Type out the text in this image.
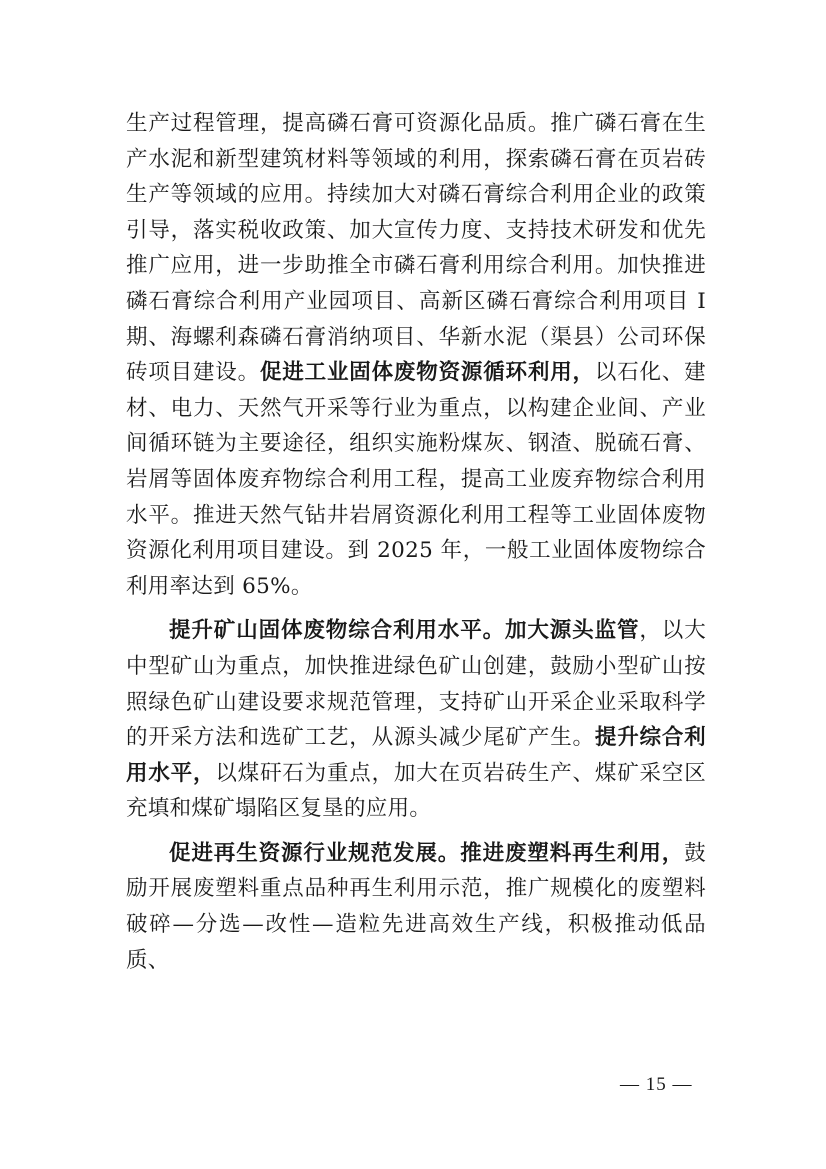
生产过程管理，提高磷石膏可资源化品质。推广磷石膏在生产水泥和新型建筑材料等领域的利用，探索磷石膏在页岩砖生产等领域的应用。持续加大对磷石膏综合利用企业的政策引导，落实税收政策、加大宣传力度、支持技术研发和优先推广应用，进一步助推全市磷石膏利用综合利用。加快推进磷石膏综合利用产业园项目、高新区磷石膏综合利用项目 I 期、海螺利森磷石膏消纳项目、华新水泥（渠县）公司环保砖项目建设。促进工业固体废物资源循环利用，以石化、建材、电力、天然气开采等行业为重点，以构建企业间、产业间循环链为主要途径，组织实施粉煤灰、钢渣、脱硫石膏、岩屑等固体废弃物综合利用工程，提高工业废弃物综合利用水平。推进天然气钻井岩屑资源化利用工程等工业固体废物资源化利用项目建设。到 2025 年，一般工业固体废物综合利用率达到 65%。

提升矿山固体废物综合利用水平。加大源头监管，以大中型矿山为重点，加快推进绿色矿山创建，鼓励小型矿山按照绿色矿山建设要求规范管理，支持矿山开采企业采取科学的开采方法和选矿工艺，从源头减少尾矿产生。提升综合利用水平，以煤矸石为重点，加大在页岩砖生产、煤矿采空区充填和煤矿塌陷区复垦的应用。

促进再生资源行业规范发展。推进废塑料再生利用，鼓励开展废塑料重点品种再生利用示范，推广规模化的废塑料破碎—分选—改性—造粒先进高效生产线，积极推动低品质、

— 15 —
